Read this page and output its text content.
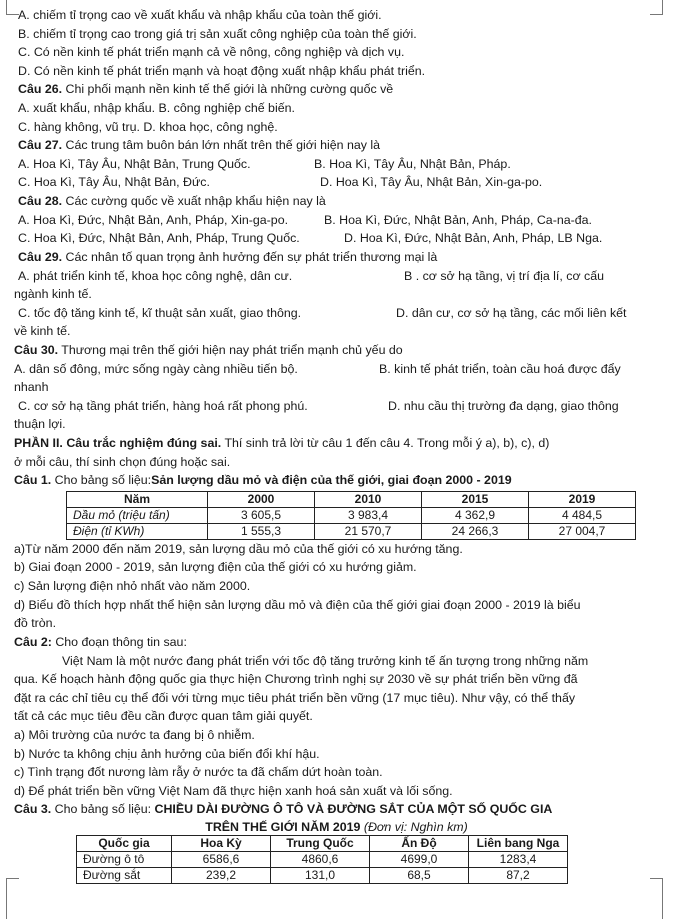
A. chiếm tỉ trọng cao về xuất khẩu và nhập khẩu của toàn thế giới.
B. chiếm tỉ trọng cao trong giá trị sản xuất công nghiệp của toàn thế giới.
C. Có nền kinh tế phát triển mạnh cả về nông, công nghiệp và dịch vụ.
D. Có nền kinh tế phát triển mạnh và hoạt động xuất nhập khẩu phát triển.
Câu 26. Chi phối mạnh nền kinh tế thế giới là những cường quốc về
A. xuất khẩu, nhập khẩu. B. công nghiệp chế biến.
C. hàng không, vũ trụ. D. khoa học, công nghệ.
Câu 27. Các trung tâm buôn bán lớn nhất trên thế giới hiện nay là
A. Hoa Kì, Tây Âu, Nhật Bản, Trung Quốc.	B. Hoa Kì, Tây Âu, Nhật Bản, Pháp.
C. Hoa Kì, Tây Âu, Nhật Bản, Đức.	D. Hoa Kì, Tây Âu, Nhật Bản, Xin-ga-po.
Câu 28. Các cường quốc về xuất nhập khẩu hiện nay là
A. Hoa Kì, Đức, Nhật Bản, Anh, Pháp, Xin-ga-po.	B. Hoa Kì, Đức, Nhật Bản, Anh, Pháp, Ca-na-đa.
C. Hoa Kì, Đức, Nhật Bản, Anh, Pháp, Trung Quốc.	D. Hoa Kì, Đức, Nhật Bản, Anh, Pháp, LB Nga.
Câu 29. Các nhân tố quan trọng ảnh hưởng đến sự phát triển thương mại là
A. phát triển kinh tế, khoa học công nghệ, dân cư.	B . cơ sở hạ tầng, vị trí địa lí, cơ cấu
ngành kinh tế.
C. tốc độ tăng kinh tế, kĩ thuật sản xuất, giao thông.	D. dân cư, cơ sở hạ tầng, các mối liên kết
về kinh tế.
Câu 30. Thương mại trên thế giới hiện nay phát triển mạnh chủ yếu do
A. dân số đông, mức sống ngày càng nhiều tiến bộ.	B. kinh tế phát triển, toàn cầu hoá được đẩy
nhanh
C. cơ sở hạ tầng phát triển, hàng hoá rất phong phú.	D. nhu cầu thị trường đa dạng, giao thông
thuận lợi.
PHẦN II. Câu trắc nghiệm đúng sai. Thí sinh trả lời từ câu 1 đến câu 4. Trong mỗi ý a), b), c), d)
ở mỗi câu, thí sinh chọn đúng hoặc sai.
Câu 1. Cho bảng số liệu:Sản lượng dầu mỏ và điện của thế giới, giai đoạn 2000 - 2019
Năm	2000	2010	2015	2019
Dầu mỏ (triệu tấn)	3 605,5	3 983,4	4 362,9	4 484,5
Điện (tỉ KWh)	1 555,3	21 570,7	24 266,3	27 004,7
a)Từ năm 2000 đến năm 2019, sản lượng dầu mỏ của thế giới có xu hướng tăng.
b) Giai đoạn 2000 - 2019, sản lượng điện của thế giới có xu hướng giảm.
c) Sản lượng điện nhỏ nhất vào năm 2000.
d) Biểu đồ thích hợp nhất thể hiện sản lượng dầu mỏ và điện của thế giới giai đoạn 2000 - 2019 là biểu
đồ tròn.
Câu 2: Cho đoạn thông tin sau:
Việt Nam là một nước đang phát triển với tốc độ tăng trưởng kinh tế ấn tượng trong những năm
qua. Kế hoạch hành động quốc gia thực hiện Chương trình nghị sự 2030 về sự phát triển bền vững đã
đặt ra các chỉ tiêu cụ thể đối với từng mục tiêu phát triển bền vững (17 mục tiêu). Như vậy, có thể thấy
tất cả các mục tiêu đều cần được quan tâm giải quyết.
a) Môi trường của nước ta đang bị ô nhiễm.
b) Nước ta không chịu ảnh hưởng của biến đổi khí hậu.
c) Tình trạng đốt nương làm rẫy ở nước ta đã chấm dứt hoàn toàn.
d) Để phát triển bền vững Việt Nam đã thực hiện xanh hoá sản xuất và lối sống.
Câu 3. Cho bảng số liệu: CHIỀU DÀI ĐƯỜNG Ô TÔ VÀ ĐƯỜNG SẮT CỦA MỘT SỐ QUỐC GIA
TRÊN THẾ GIỚI NĂM 2019 (Đơn vị: Nghìn km)
Quốc gia	Hoa Kỳ	Trung Quốc	Ấn Độ	Liên bang Nga
Đường ô tô	6586,6	4860,6	4699,0	1283,4
Đường sắt	239,2	131,0	68,5	87,2
